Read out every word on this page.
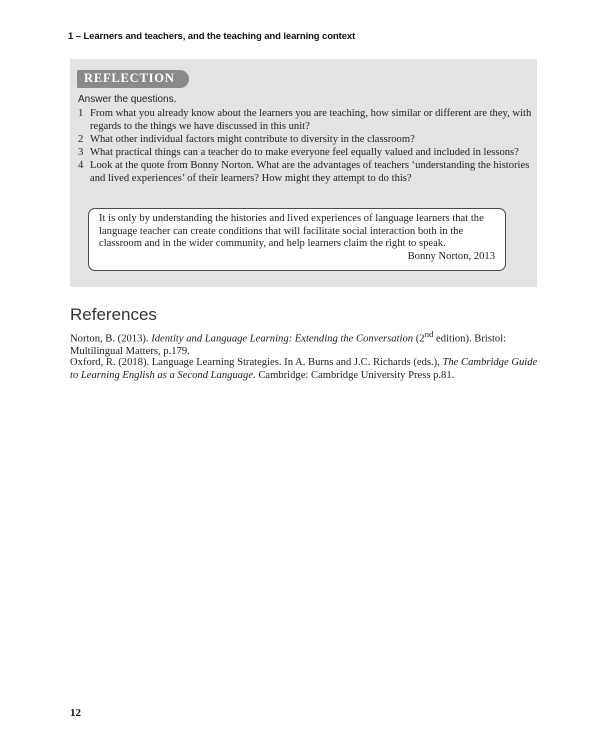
1 – Learners and teachers, and the teaching and learning context
REFLECTION
Answer the questions.
1 From what you already know about the learners you are teaching, how similar or different are they, with regards to the things we have discussed in this unit?
2 What other individual factors might contribute to diversity in the classroom?
3 What practical things can a teacher do to make everyone feel equally valued and included in lessons?
4 Look at the quote from Bonny Norton. What are the advantages of teachers ‘understanding the histories and lived experiences’ of their learners? How might they attempt to do this?
It is only by understanding the histories and lived experiences of language learners that the language teacher can create conditions that will facilitate social interaction both in the classroom and in the wider community, and help learners claim the right to speak.
Bonny Norton, 2013
References
Norton, B. (2013). Identity and Language Learning: Extending the Conversation (2nd edition). Bristol: Multilingual Matters, p.179.
Oxford, R. (2018). Language Learning Strategies. In A. Burns and J.C. Richards (eds.), The Cambridge Guide to Learning English as a Second Language. Cambridge: Cambridge University Press p.81.
12
